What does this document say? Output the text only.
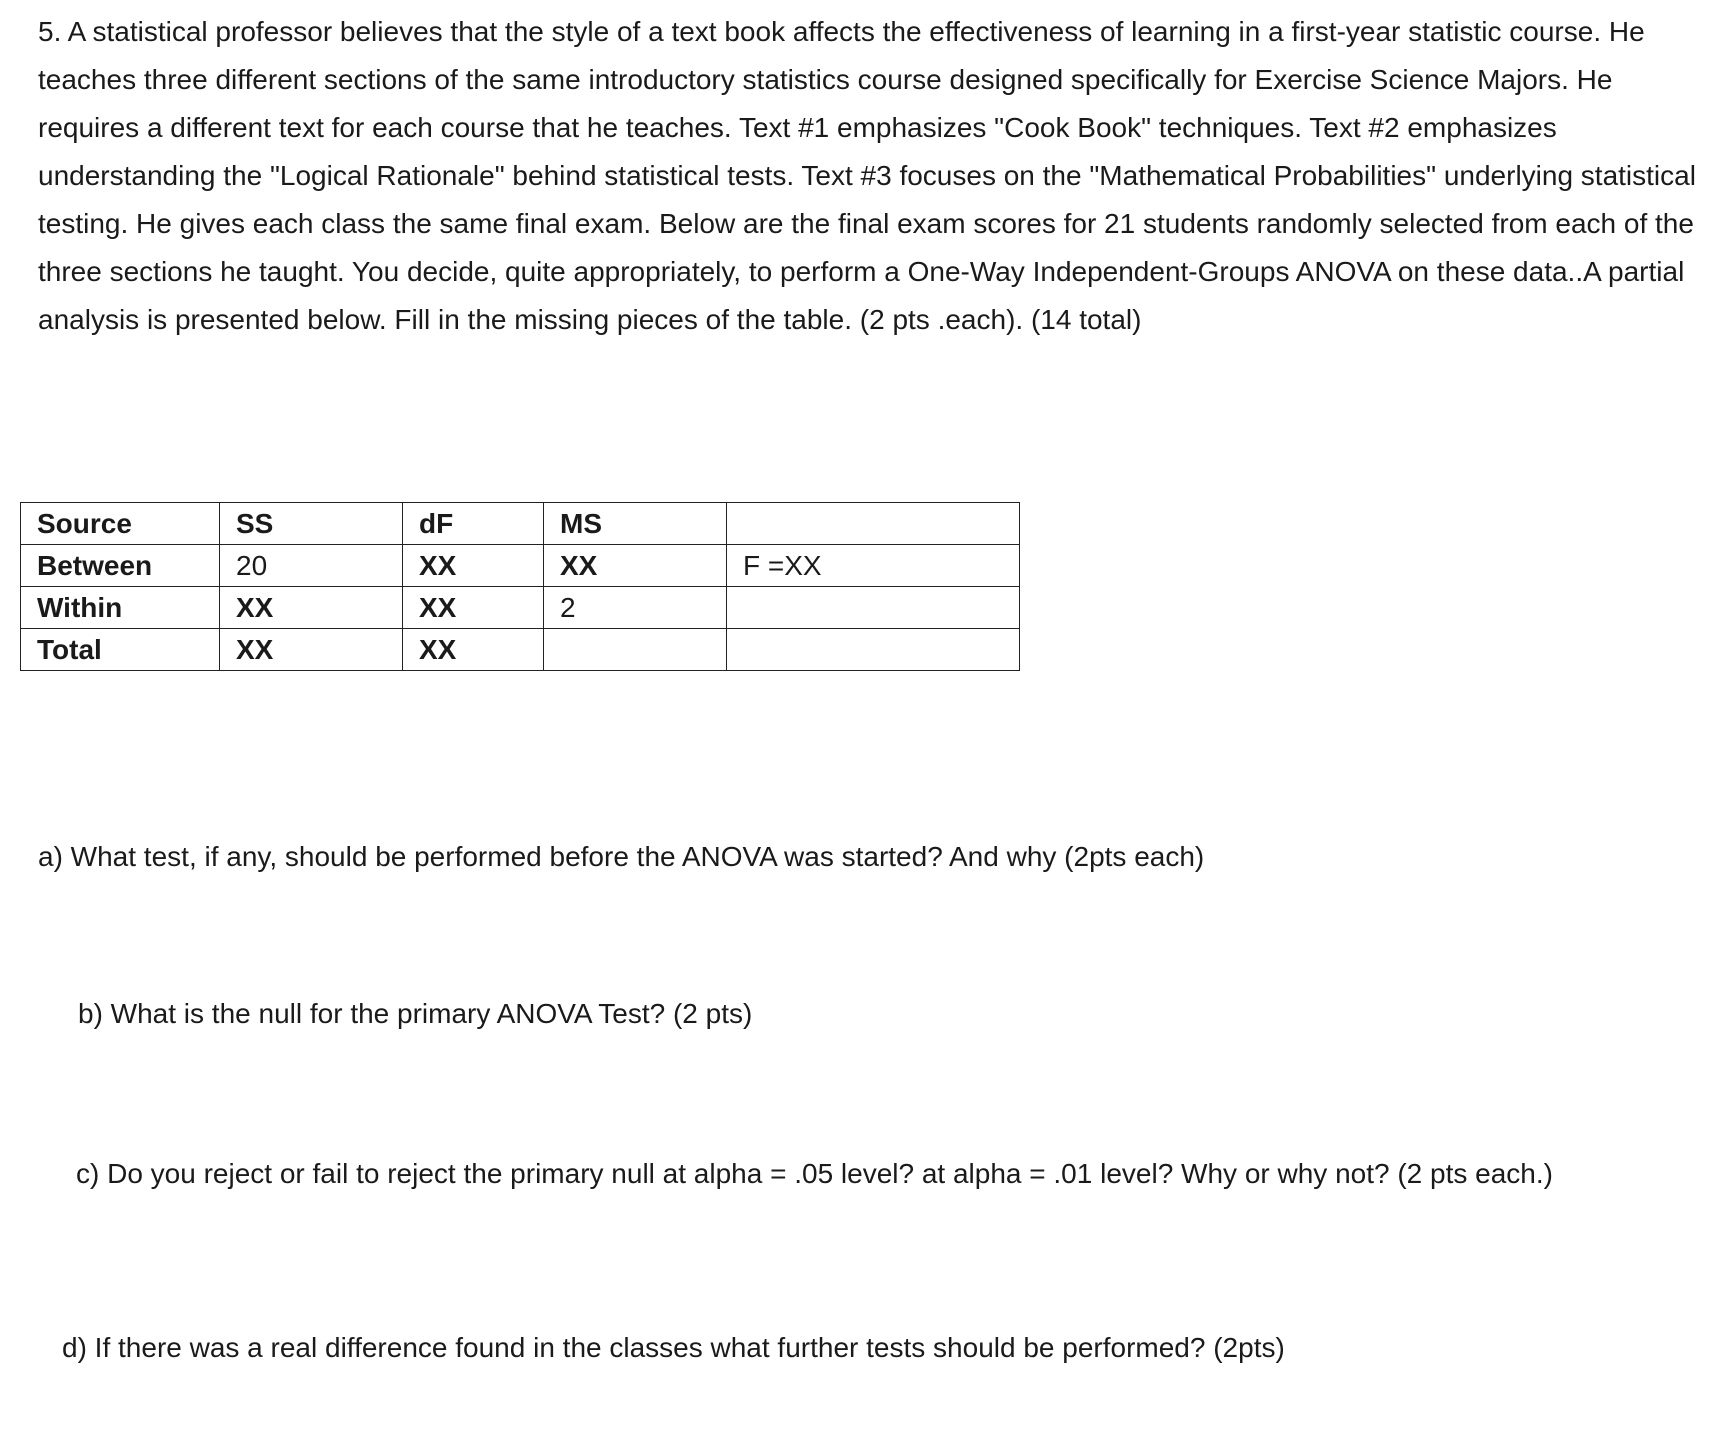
5. A statistical professor believes that the style of a text book affects the effectiveness of learning in a first-year statistic course. He teaches three different sections of the same introductory statistics course designed specifically for Exercise Science Majors. He requires a different text for each course that he teaches. Text #1 emphasizes "Cook Book" techniques. Text #2 emphasizes understanding the "Logical Rationale" behind statistical tests. Text #3 focuses on the "Mathematical Probabilities" underlying statistical testing. He gives each class the same final exam. Below are the final exam scores for 21 students randomly selected from each of the three sections he taught. You decide, quite appropriately, to perform a One-Way Independent-Groups ANOVA on these data..A partial analysis is presented below. Fill in the missing pieces of the table. (2 pts .each). (14 total)

Source	SS	dF	MS	
Between	20	XX	XX	F =XX
Within	XX	XX	2	
Total	XX	XX		

a) What test, if any, should be performed before the ANOVA was started? And why (2pts each)

b) What is the null for the primary ANOVA Test? (2 pts)

c) Do you reject or fail to reject the primary null at alpha = .05 level? at alpha = .01 level? Why or why not? (2 pts each.)

d) If there was a real difference found in the classes what further tests should be performed? (2pts)
